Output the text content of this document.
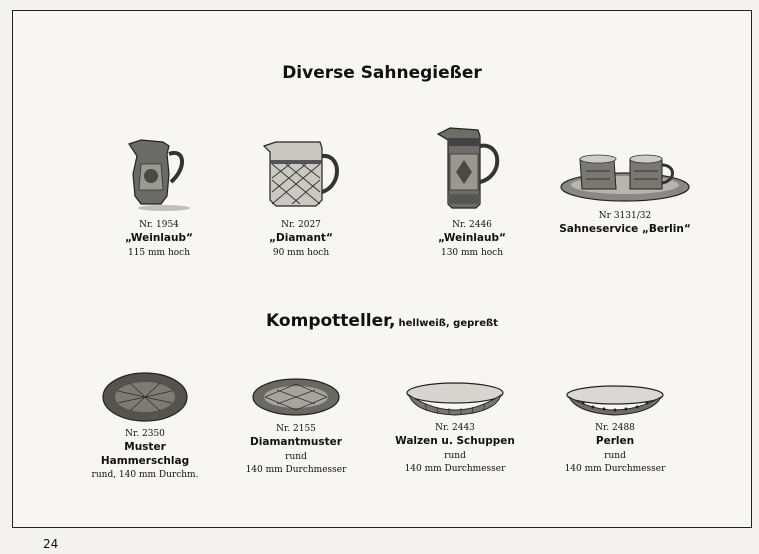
Diverse Sahnegießer
Nr. 1954
„Weinlaub“
115 mm hoch
Nr. 2027
„Diamant“
90 mm hoch
Nr. 2446
„Weinlaub“
130 mm hoch
Nr 3131/32
Sahneservice „Berlin“
Kompotteller, hellweiß, gepreßt
Nr. 2350
Muster
Hammerschlag
rund, 140 mm Durchm.
Nr. 2155
Diamantmuster
rund
140 mm Durchmesser
Nr. 2443
Walzen u. Schuppen
rund
140 mm Durchmesser
Nr. 2488
Perlen
rund
140 mm Durchmesser
24
